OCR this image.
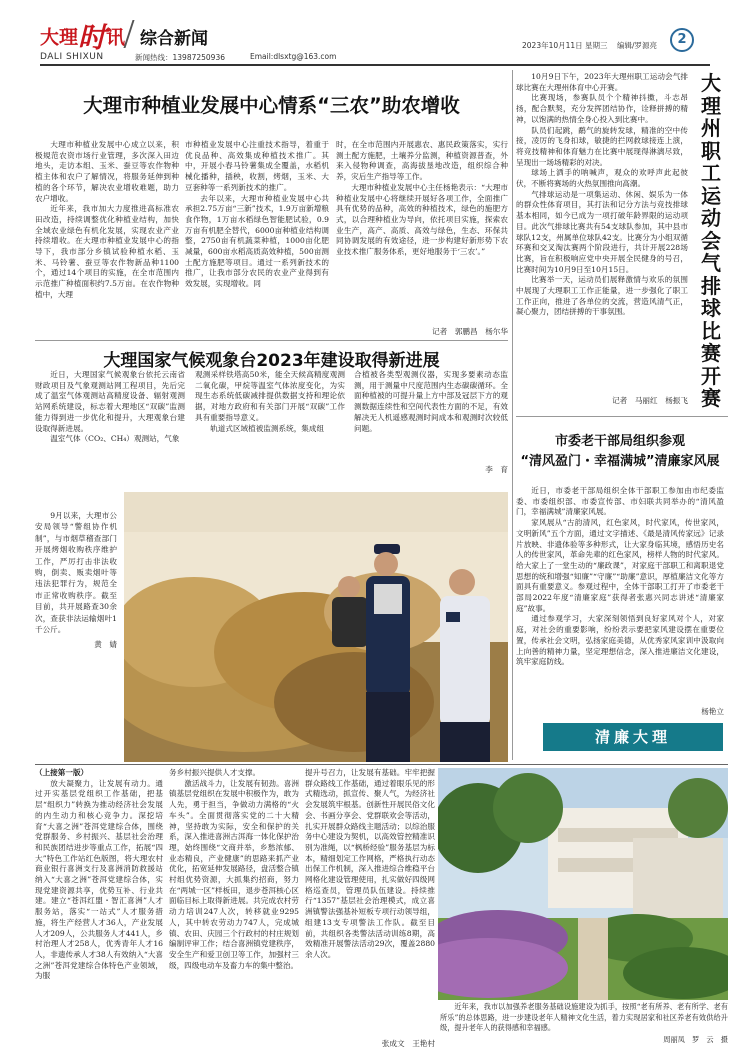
大理时讯 综合新闻
DALI SHIXUN	新闻热线：13987250936	Email:dlsxtg@163.com
2023年10月11日 星期三 编辑/罗源亮	2
大理市种植业发展中心情系“三农”助农增收

大理市种植业发展中心成立以来，积极規范农资市场行业管理，多次深入田边地头，走访本组、玉米、蚕豆等农作物种植主体和农户了解情况，将服务延伸到种植的各个环节，解决农业增收难题，助力农户增收。

近年来，我市加大力度推进高标准农田改造，持续调整优化种植业结构，加快全域农业绿色有机化发展，实现农业产业持续增收。在大理市种植业发展中心的指导下，我市部分乡镇试验种植水稻、玉米、马铃薯、蚕豆等农作物新品种1100个，通过14个项目的实施，在全市范围内示范推广种植面积约7.5万亩。在农作物种植中，大理

市种植业发展中心注重技术指导，着重于优良品种、高效集成种植技术推广。其中，开展小春马铃薯集成全覆盖，水稻机械化播种，插秧，收割，烤烟，玉米、大豆套种等一系列新技术的推广。

去年以来，大理市种植业发展中心共承担2.75万亩“三新”技术，1.9万亩新增粮食作物，1万亩水稻绿色智能肥试验，0.9万亩有机肥全替代，6000亩种植业结构调整，2750亩有机蔬菜种植，1000亩化肥减量，600亩水稻高质高效种植，500亩测土配方施肥等项目。通过一系列新技术的推广，让我市部分农民的农业产业得到有效发展，实现增收。同

时，在全市范围内开展惠农、惠民政策落实，实行测土配方施肥，土壤养分监测，种植资源普查，外来入侵物种调查，高海拔垦地改造，组织综合种养，灾后生产指导等工作。

大理市种植业发展中心主任杨艳表示：“大理市种植业发展中心将继续开展好各项工作，全面推广具有优势的品种，高效的种植技术，绿色的施肥方式，以合理种植业为导向，依托项目实施，探索农业生产，高产、高质、高效与绿色，生态、环保共同协调发展的有效途径，进一步构建好新形势下农业技术推广服务体系，更好地服务于‘三农’。”

记者　郭鹏昌　杨尔华
大理国家气候观象台2023年建设取得新进展

近日，大理国家气候观象台依托云南省财政项目及气象观测站网工程项目，先后完成了温室气体观测站高精度设备、辐射观测站网系统建设，标志着大理地区“双碳”监测能力得到进一步优化和提升，大理观象台建设取得新进展。

温室气体（CO₂、CH₄）观测站，气象

观测采样铁塔高50米，能全天候高精度观测二氧化碳，甲烷等温室气体浓度变化，为实现生态系统低碳减排提供数据支持和理论依据，对地方政府和有关部门开展“双碳”工作具有重要指导意义。

轨道式区域植被监测系统，集成组

合植被各类型观测仪器，实现多要素动态监测，用于测量中尺度范围内生态碳碳循环。全面种植被的可提升量上方中部及冠层下方的观测数据连续性和空间代表性方面的不足，有效解决无人机遥感观测时间成本和观测时次较低问题。

李　育
9月以来，大理市公安局领导“警组协作机制”，与市烟草稽查部门开展烤烟收购秩序维护工作，严厉打击非法收购，倒卖、贩卖烟叶等违法犯罪行为，规范全市正常收购秩序。截至目前，共开展路查30余次，查获非法运输烟叶1千公斤。
黄　婧

10月9日下午，2023年大理州职工运动会气排球比赛在大理州体育中心开赛。

比赛现场，参赛队员个个精神抖擞，斗志昂扬，配合默契，充分发挥团结协作，诠释拼搏的精神，以饱满的热情全身心投入到比赛中。

队员们起跳，鹬气的旋转发球，精准的空中传接，凌厉的飞身扣球，敏捷的拦网救球接连上演，将竞技精神和体育魅力在比赛中展现得淋漓尽致，呈现出一场场精彩的对决。

球场上洒手的呐喊声，观众的欢呼声此起彼伏，不断将赛场的火热氛围推向高潮。

气排球运动是一项集运动、休闲、娱乐为一体的群众性体育项目，其打法和记分方法与竞技排球基本相同，如今已成为一项打破年龄界限的运动项目。此次气排球比赛共有54支球队参加，其中县市球队12支，州属单位球队42支。比赛分为小组双循环赛和交叉淘汰赛两个阶段进行，共计开展228场比赛，旨在积极响应党中央开展全民健身的号召，比赛时间为10月9日至10月15日。

比赛举一天，运动员们展释激情与欢乐的氛围中展现了大理职工工作正能量，进一步强化了职工工作正向，推进了各单位的交流，营造风清气正，凝心聚力，团结拼搏的干事氛围。

大理州职工运动会气排球比赛开赛
记者　马丽红　杨振飞
市委老干部局组织参观
“清风盈门・幸福满城”清廉家风展

近日，市委老干部局组织全体干部职工参加由市纪委监委、市委组织部、市委宣传部、市妇联共同举办的“清风盈门，幸福满城”清廉家风展。

家风展从“古韵清风，红色家风，时代家风，传世家风，文明新风”五个方面，通过文字描述、《最是清风传家远》记录片放映、非遗体验等多种形式，让大家身临其境，感悟历史名人的传世家风，革命先辈的红色家风，榜样人物的时代家风。给大家上了一堂生动的“廉政课”，对家庭干部职工和离职退党思想的统和增强“知廉”“守廉”“助廉”意识，厚植廉洁文化等方面具有重要意义。参观过程中，全体干部职工打开了市委老干部局2022年度“清廉家庭”获得者张惠兴同志讲述“清廉家庭”故事。

通过参观学习，大家深刻领悟到良好家风对个人，对家庭，对社会的重要影响，纷纷表示要把家风建设摆在重要位置，传承社会文明，弘扬家庭美德，从优秀家风家训中汲取向上向善的精神力量，坚定理想信念，深入推进廉洁文化建设，筑牢家庭防线。

杨艳立
清廉大理

（上接第一版）

放大凝聚力，让发展有动力。通过开实基层党组织工作基础，把基层“组织力”转换为推动经济社会发展的内生动力和核心竞争力。深挖培育“大喜之洲”苍洱党建综合体，围绕党群服务、乡村振兴、基层社会治理和民族团结进步等重点工作，拓展“四大”特色工作站红色版图，将大理农村商业银行喜洲支行及喜洲消防救援站纳入“大喜之洲”苍洱党建综合体，实现党建资源共享，优势互补、行业共建。建立“苍洱红盟・智汇喜洲”人才服务站，落实“一站式”人才服务措施，将生产经营人才36人，产业发展人才209人，公共服务人才441人，乡村治理人才258人，优秀青年人才16人，非遗传承人才38人有效纳入“大喜之洲”苍洱党建综合体特色产业领域，为服

务乡村振兴提供人才支撑。

激活战斗力，让发展有韧劲。喜洲镇基层党组织在发展中积极作为，敢为人先，勇于担当，争做动力满格的“火车头”。全面贯彻落实党的二十大精神，坚持敢为实际，安全和保护的关系，深入推进喜洲古洱海一体化保护治理，始终围绕“文商并举，乡愁浓郁、业态精良，产业健康”的思路来抓产业优化，拓宽延伸发展路径，盘活整合镇村组优势资源，大抓集约招商，努力在“两城一区”样板田，退步苍洱核心区面临目标上取得新进展。共完成农村劳动力培训247人次，转移就业9295人，其中转农劳动力747人，完成城镇、农田、庆园三个行政村的村庄规划编制评审工作；结合喜洲镇党建秩序，安全生产和爱卫创卫等工作，加强村三级，四级电动车及畜力车的集中整治。

提升号召力，让发展有基础。牢牢把握群众路线工作基础，通过着眼乐见的形式精选动，抓宣传、聚人气，为经济社会发展筑牢根基。创新性开展民俗文化会、书画分享会、党群联欢会等活动，扎实开展群众路线主题活动；以综治服务中心建设为契机，以高效管控精准识别为准绳，以“枫桥经验”服务基层为标本，精细划定工作网格，严格执行动态出保工作机制，深入推进综合维稳平台网格化建设管理使用，扎实做好四级网格巡查员，管理员队伍建设。持续推行“1357”基层社会治理模式，成立喜洲镇警法强基补短板专项行动领导组，组建13支专项警法工作队。截至目前，共组织各类警法活动训练8期，高效精准开展警法活动29次，覆盖2880余人次。

张成文　王艳村
近年来，我市以加强养老服务基础设施建设为抓手，按照“老有所养、老有所学、老有所乐”的总体思路，进一步建设老年人精神文化生活，着力实现居家和社区养老有效供给升级，提升老年人的获得感和幸福感。
周丽凤　罗　云　摄
